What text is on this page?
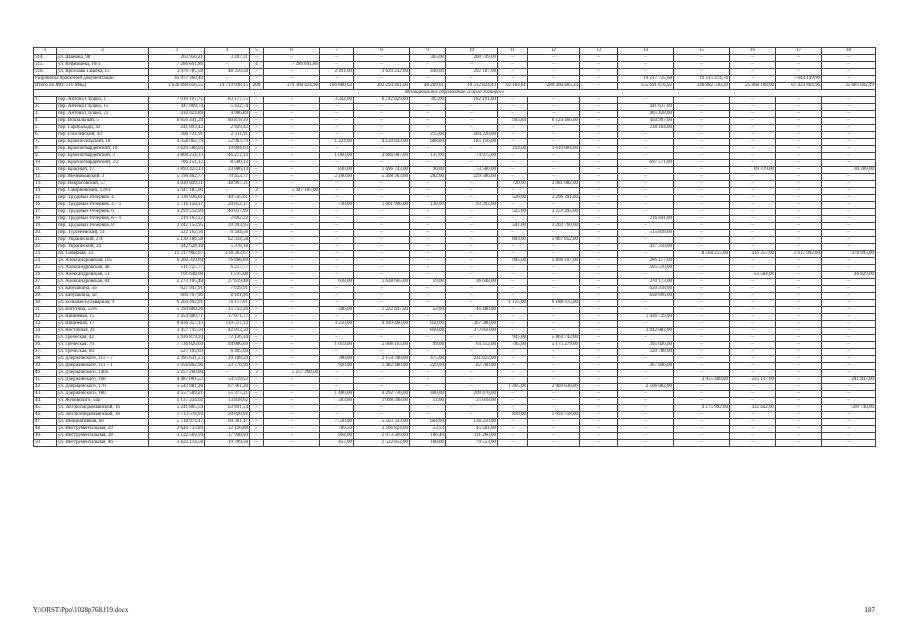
1	2	3	4	5	6	7	8	9	10	11	12	13	14	15	16	17	18
514.	ул. Шамана, 98	263 956,21	3 207,21	–	–	–	–	365,00	260 749,00	–	–	–	–	–	–	–	–
515.	ул. Юфимцева, 10/1	7 286 691,86	–	4	7 286 691,86	–	–	–	–	–	–	–	–	–	–	–	–
516.	ул. Ярослава Гашека, 15	3 979 785,58	48 356,58	–	–	2 491,00	3 639 242,00	440,00	292 187,00	–	–	–	–	–	–	–	–
Разработка проектной документации		45 977 360,40	–	–	–	–	–	–	–	–	–	–	19 217 735,68	19 115 474,76	–	7 644 149,96	–
Итого по МО: 516 МКД		1 636 898 656,55	14 719 938,15	209	379 368 424,98	186 660,62	302 294 461,00	48 209,61	19 512 824,43	62 184,81	289 360 605,33	–	155 691 676,92	346 882 530,29	25 868 108,00	67 424 464,96	35 685 602,49
Муниципальное образование «Город Таганрог»																	
1.	пер. Антона Глушко, 1	7 010 197,75	83 177,75	–	–	3 342,00	6 742 829,00	305,00	182 191,00	–	–	–	–	–	–	–	–
2.	пер. Антона Глушко, 15	447 069,74	5 432,74	–	–	–	–	–	–	–	–	–	441 637,00	–	–	–	–
3.	пер. Антона Глушко, 23	410 424,89	4 986,89	–	–	–	–	–	–	–	–	–	405 438,00	–	–	–	–
4.	пер. Вокзальный, 5	6 656 341,39	80 878,39	–	–	–	–	–	–	945,84	6 124 466,00	–	450 997,00	–	–	–	–
5.	пер. Гарибальди, 42	241 093,42	2 929,42	–	–	–	–	–	–	–	–	–	238 164,00	–	–	–	–
6.	пер. Гоголевский, 43	206 731,91	2 511,91	–	–	–	–	215,00	204 220,00	–	–	–	–	–	–	–	–
7.	пер. Красносельский, 18	4 358 962,79	52 963,79	–	–	1 224,00	4 120 843,00	688,00	185 156,00	–	–	–	–	–	–	–	–
8.	пер. Красногвардейский, 10	1 629 588,03	19 804,03	–	–	–	–	–	–	254,00	1 610 084,00	–	–	–	–	–	–
9.	пер. Красногвардейский, 3	3 808 234,13	46 272,13	–	–	1 060,00	3 686 987,00	137,00	74 975,00	–	–	–	–	–	–	–	–
10.	пер. Красногвардейский, 3/2	706 151,12	8 580,12	–	–	–	–	–	–	–	–	–	697 571,00	–	–	–	–
11.	пер. Красный, 17	1 893 423,13	23 006,13	–	–	830,00	1 696 743,00	90,00	73 586,00	–	–	–	–	–	69 779,00	–	30 309,00
12.	пер. Мечниковский, 3	5 796 402,77	70 453,77	–	–	2 100,00	5 498 363,00	282,00	229 586,00	–	–	–	–	–	–	–	–
13.	пер. Некрасовский, 57	4 030 049,31	48 967,31	–	–	–	–	–	–	720,00	3 981 082,00	–	–	–	–	–	–
14.	пер. Смирновский, 139/1	5 447 185,00	–	3	5 447 185,00	–	–	–	–	–	–	–	–	–	–	–	–
15.	пер. Трудовых Резервов, 4	3 336 936,61	40 545,61	–	–	–	–	–	–	526,00	3 296 391,00	–	–	–	–	–	–
16.	пер. Трудовых Резервов, 4 – 1	1 716 150,17	20 852,17	–	–	730,00	1 601 906,00	130,00	93 392,00	–	–	–	–	–	–	–	–
17.	пер. Трудовых Резервов, 6	3 293 512,99	40 017,99	–	–	–	–	–	–	525,00	3 253 495,00	–	–	–	–	–	–
18.	пер. Трудовых Резервов, 6 – 1	219 103,22	2 662,22	–	–	–	–	–	–	–	–	–	216 441,00	–	–	–	–
19.	пер. Трудовых Резервов, 8	3 242 153,95	39 393,95	–	–	–	–	–	–	501,00	3 202 760,00	–	–	–	–	–	–
20.	пер. Тургеневский, 14	522 162,56	6 344,56	–	–	–	–	–	–	–	–	–	515 818,00	–	–	–	–
21.	пер. Украинский, 2-4	5 130 186,58	62 334,58	–	–	–	–	–	–	803,00	5 067 852,00	–	–	–	–	–	–
22.	пер. Украинский, 24	442 628,18	5 378,18	–	–	–	–	–	–	–	–	–	437 250,00	–	–	–	–
23.	пл. Северная, 33	11 217 902,67	136 303,67	–	–	–	–	–	–	–	–	–	–	8 568 255,00	416 357,00	1 617 992,00	478 995,00
24.	ул. Александровская, 105	6 260 350,69	76 066,69	–	–	–	–	–	–	905,00	5 898 107,00	–	286 177,00	–	–	–	–
25.	ул. Александровская, 48	511 727,77	6 217,77	–	–	–	–	–	–	–	–	–	505 510,00	–	–	–	–
26.	ул. Александровская, 51	101 648,08	1 235,08	–	–	–	–	–	–	–	–	–	–	–	53 584,00	–	46 829,00
27.	ул. Александровская, 84	2 273 105,48	27 619,48	–	–	618,00	1 638 665,00	59,00	36 648,00	–	–	–	370 173,00	–	–	–	–
28.	ул. Бабушкина, 56	627 947,91	7 629,91	–	–	–	–	–	–	–	–	–	620 318,00	–	–	–	–
29.	ул. Бабушкина, 58	666 797,96	8 101,96	–	–	–	–	–	–	–	–	–	658 696,00	–	–	–	–
30.	ул. Большая Бульварная, 9	6 264 492,01	76 117,01	–	–	–	–	–	–	1 125,00	6 188 375,00	–	–	–	–	–	–
31.	ул. Ватутина, 53-6	1 294 860,26	15 733,26	–	–	506,00	1 232 647,00	52,00	46 480,00	–	–	–	–	–	–	–	–
32.	ул. Вишневая, 15	1 454 400,77	17 671,77	–	–	–	–	–	–	–	–	–	1 436 729,00	–	–	–	–
33.	ул. Вишневая, 17	9 836 357,13	119 517,13	–	–	4 250,00	9 349 460,00	850,00	367 380,00	–	–	–	–	–	–	–	–
34.	ул. Восточная, 41	3 457 745,50	42 013,50	–	–	–	–	850,00	372 850,00	–	–	–	3 042 882,00	–	–	–	–
35.	ул. Греческая, 42	5 936 879,34	72 136,34	–	–	–	–	–	–	945,00	5 864 743,00	–	–	–	–	–	–
36.	ул. Греческая, 79	7 736 826,69	94 006,69	–	–	1 059,00	2 008 163,00	99,00	64 352,00	785,00	5 175 279,00	–	395 026,00	–	–	–	–
37.	ул. Греческая, 84	527 193,69	6 405,69	–	–	–	–	–	–	–	–	–	520 788,00	–	–	–	–
38.	ул. Дзержинского, 111 – 7	2 395 631,23	29 108,23	–	–	780,00	2 154 700,00	475,00	211 823,00	–	–	–	–	–	–	–	–
39.	ул. Дзержинского, 111 – 1	1 956 862,96	23 776,96	–	–	920,00	1 482 480,00	220,00	82 760,00	–	–	–	367 846,00	–	–	–	–
40.	ул. Дзержинского, 146б	5 257 260,00	–	3	5 257 260,00	–	–	–	–	–	–	–	–	–	–	–	–
41.	ул. Дзержинского, 168	4 487 001,53	54 519,53	–	–	–	–	–	–	–	–	–	–	3 955 488,00	235 147,00	–	241 847,00
42.	ул. Дзержинского, 170	5 543 881,20	67 361,20	–	–	–	–	–	–	1 465,00	2 969 638,00	–	2 506 882,00	–	–	–	–
43.	ул. Дзержинского, 180	4 557 589,21	55 377,21	–	–	1 400,00	4 292 736,00	400,00	209 476,00	–	–	–	–	–	–	–	–
44.	ул. Жуковского, 54а	1 137 234,02	13 818,02	–	–	503,00	1 098 398,00	51,00	25 018,00	–	–	–	–	–	–	–	–
45.	ул. Зои Космодемьянской, 16	5 241 865,54	63 691,54	–	–	–	–	–	–	–	–	–	–	4 175 992,00	432 442,00	–	569 740,00
46.	ул. Зои Космодемьянской, 18	1 713 578,92	20 820,92	–	–	–	–	–	–	810,00	1 692 758,00	–	–	–	–	–	–
47.	ул. Инициативная, 60	5 710 974,47	69 391,47	–	–	7 530,00	5 503 333,00	604,00	138 250,00	–	–	–	–	–	–	–	–
48.	ул. Инструментальная, 29	2 644 733,89	32 126,89	–	–	789,50	2 566 824,00	53,53	45 581,00	–	–	–	–	–	–	–	–
49.	ул. Инструментальная, 38	3 122 569,94	37 940,94	–	–	892,00	2 973 369,00	186,40	111 260,00	–	–	–	–	–	–	–	–
50.	ул. Инструментальная, 46	1 622 114,58	19 709,58	–	–	457,00	1 522 852,00	168,00	79 553,00	–	–	–	–	–	–	–	–
Y:\ORST\Ppo\1028p768.f19.docx	187
